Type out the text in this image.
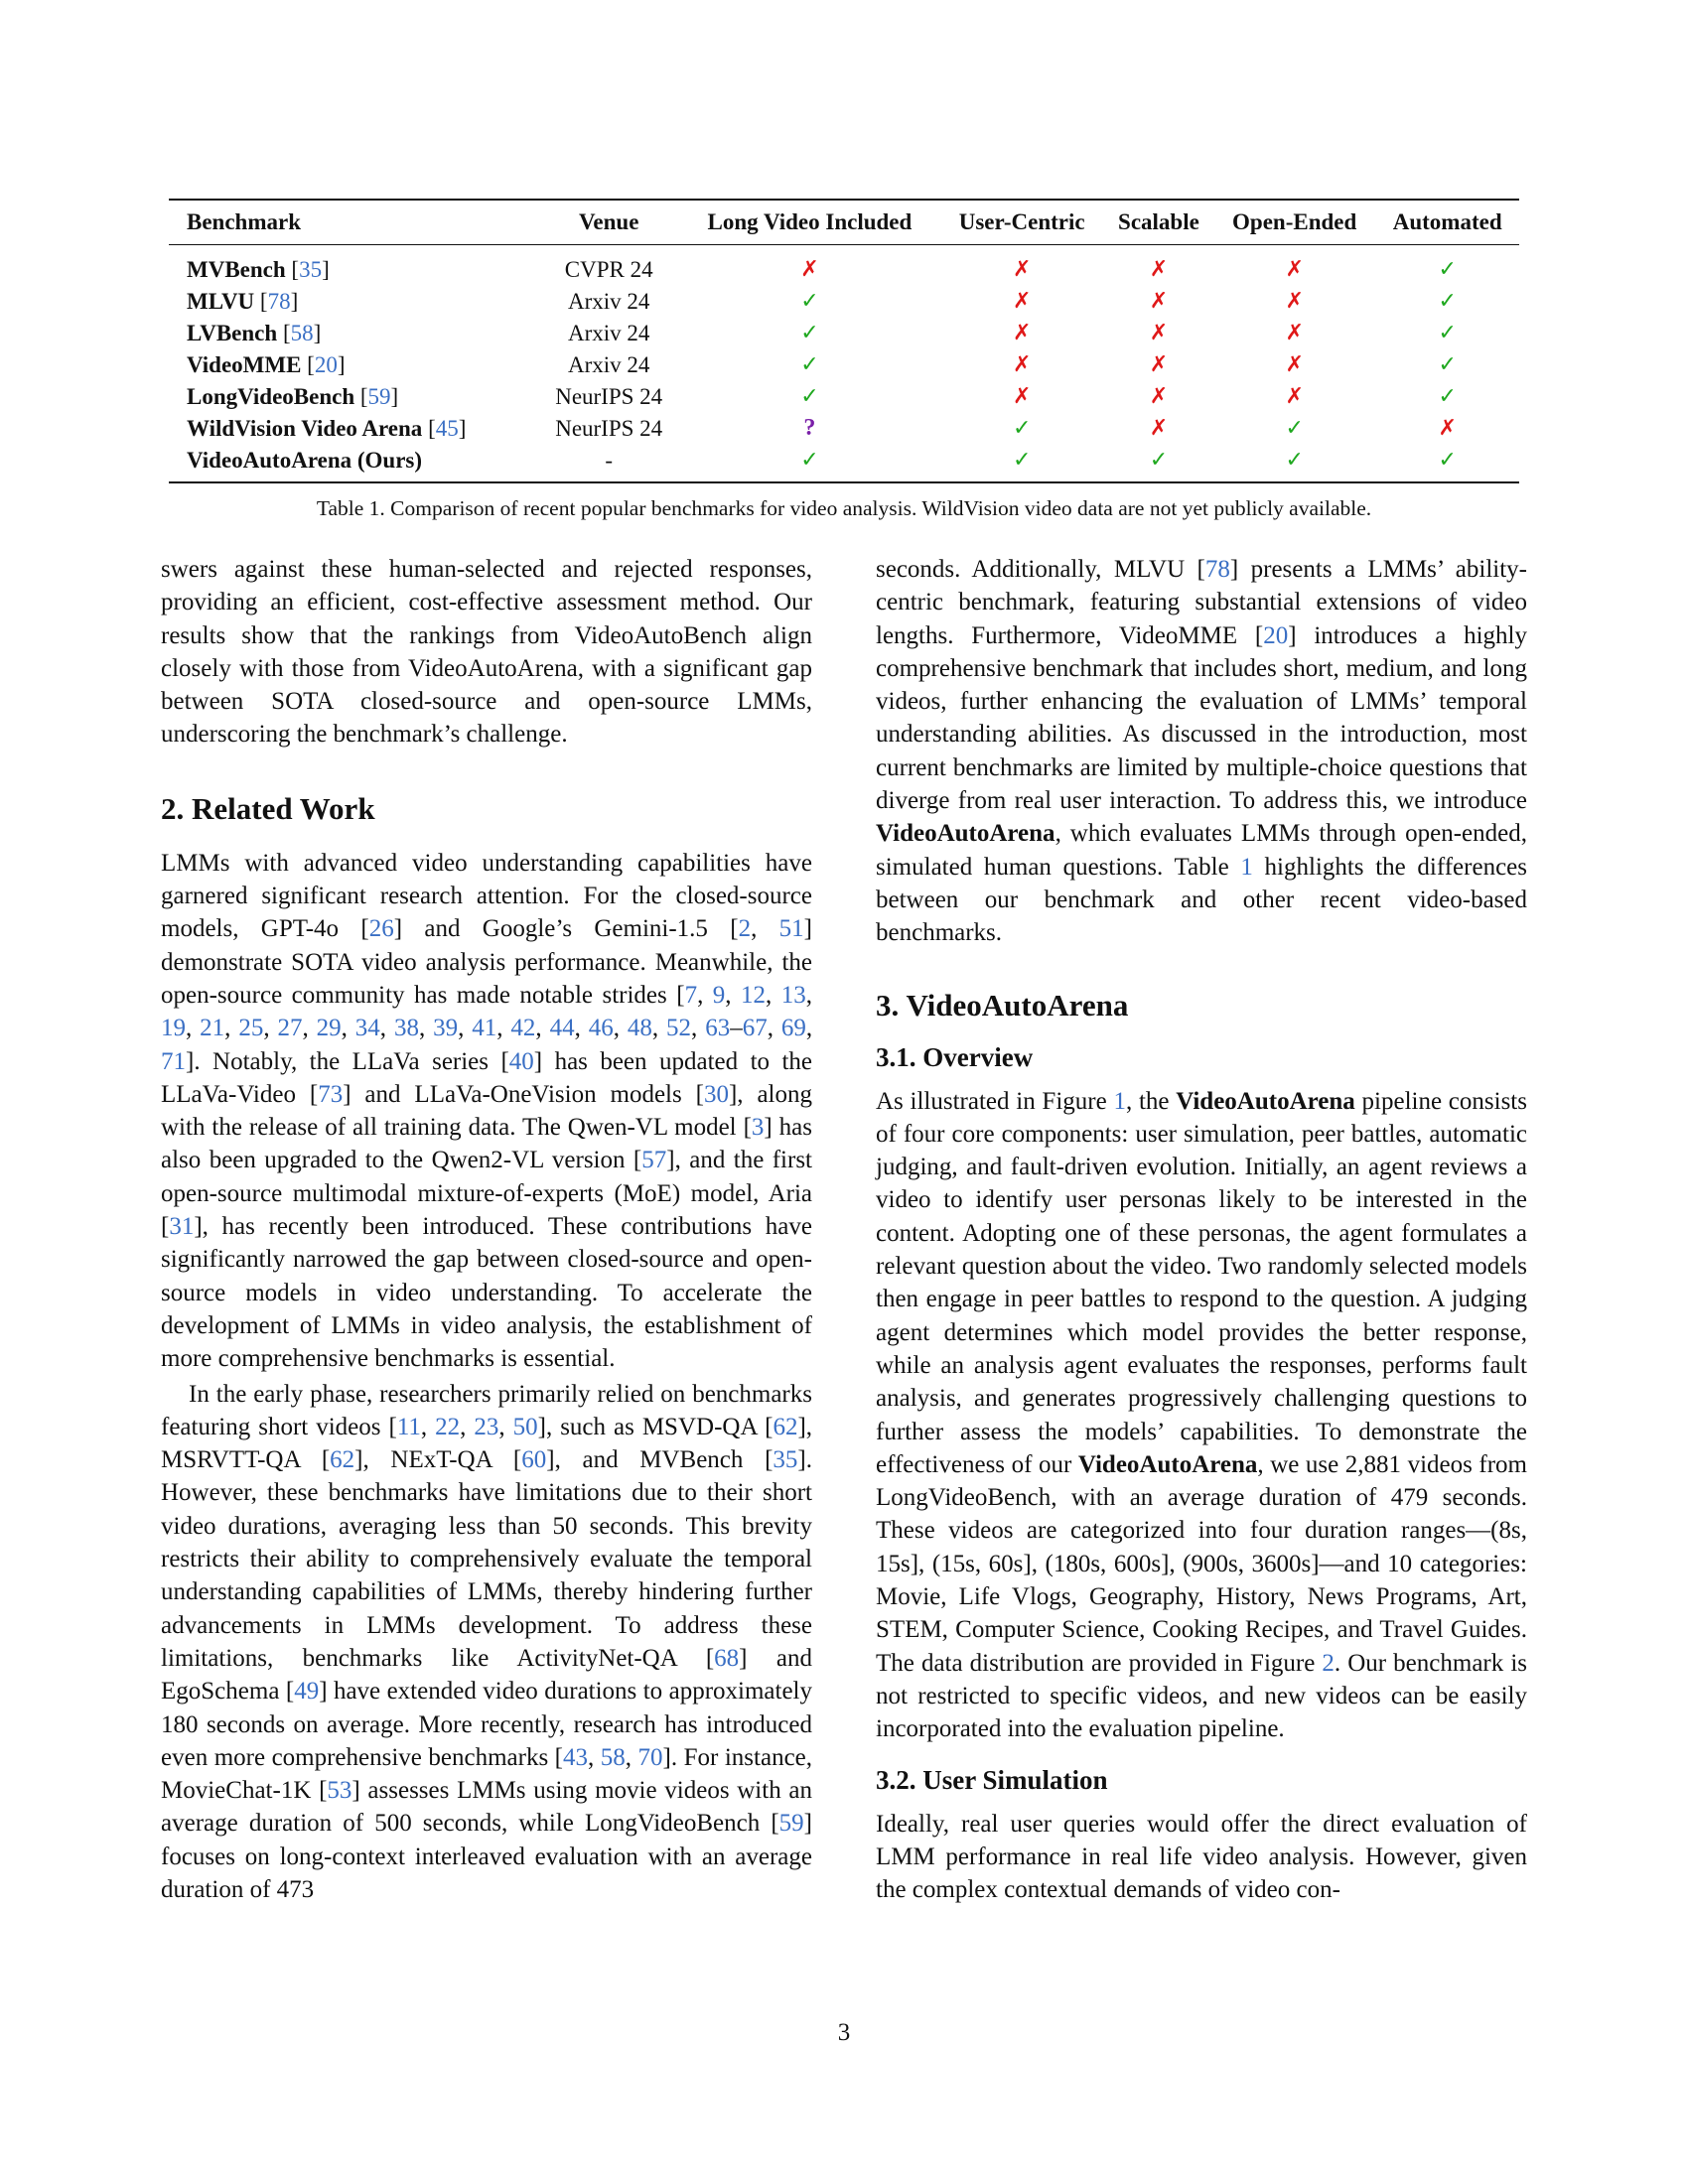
Benchmark	Venue	Long Video Included	User-Centric	Scalable	Open-Ended	Automated
MVBench [35]	CVPR 24	✗	✗	✗	✗	✓
MLVU [78]	Arxiv 24	✓	✗	✗	✗	✓
LVBench [58]	Arxiv 24	✓	✗	✗	✗	✓
VideoMME [20]	Arxiv 24	✓	✗	✗	✗	✓
LongVideoBench [59]	NeurIPS 24	✓	✗	✗	✗	✓
WildVision Video Arena [45]	NeurIPS 24	?	✓	✗	✓	✗
VideoAutoArena (Ours)	-	✓	✓	✓	✓	✓
Table 1. Comparison of recent popular benchmarks for video analysis. WildVision video data are not yet publicly available.

swers against these human-selected and rejected responses, providing an efficient, cost-effective assessment method. Our results show that the rankings from VideoAutoBench align closely with those from VideoAutoArena, with a significant gap between SOTA closed-source and open-source LMMs, underscoring the benchmark’s challenge.

2. Related Work

LMMs with advanced video understanding capabilities have garnered significant research attention. For the closed-source models, GPT-4o [26] and Google’s Gemini-1.5 [2, 51] demonstrate SOTA video analysis performance. Meanwhile, the open-source community has made notable strides [7, 9, 12, 13, 19, 21, 25, 27, 29, 34, 38, 39, 41, 42, 44, 46, 48, 52, 63–67, 69, 71]. Notably, the LLaVa series [40] has been updated to the LLaVa-Video [73] and LLaVa-OneVision models [30], along with the release of all training data. The Qwen-VL model [3] has also been upgraded to the Qwen2-VL version [57], and the first open-source multimodal mixture-of-experts (MoE) model, Aria [31], has recently been introduced. These contributions have significantly narrowed the gap between closed-source and open-source models in video understanding. To accelerate the development of LMMs in video analysis, the establishment of more comprehensive benchmarks is essential.

In the early phase, researchers primarily relied on benchmarks featuring short videos [11, 22, 23, 50], such as MSVD-QA [62], MSRVTT-QA [62], NExT-QA [60], and MVBench [35]. However, these benchmarks have limitations due to their short video durations, averaging less than 50 seconds. This brevity restricts their ability to comprehensively evaluate the temporal understanding capabilities of LMMs, thereby hindering further advancements in LMMs development. To address these limitations, benchmarks like ActivityNet-QA [68] and EgoSchema [49] have extended video durations to approximately 180 seconds on average. More recently, research has introduced even more comprehensive benchmarks [43, 58, 70]. For instance, MovieChat-1K [53] assesses LMMs using movie videos with an average duration of 500 seconds, while LongVideoBench [59] focuses on long-context interleaved evaluation with an average duration of 473

seconds. Additionally, MLVU [78] presents a LMMs’ ability-centric benchmark, featuring substantial extensions of video lengths. Furthermore, VideoMME [20] introduces a highly comprehensive benchmark that includes short, medium, and long videos, further enhancing the evaluation of LMMs’ temporal understanding abilities. As discussed in the introduction, most current benchmarks are limited by multiple-choice questions that diverge from real user interaction. To address this, we introduce VideoAutoArena, which evaluates LMMs through open-ended, simulated human questions. Table 1 highlights the differences between our benchmark and other recent video-based benchmarks.

3. VideoAutoArena
3.1. Overview

As illustrated in Figure 1, the VideoAutoArena pipeline consists of four core components: user simulation, peer battles, automatic judging, and fault-driven evolution. Initially, an agent reviews a video to identify user personas likely to be interested in the content. Adopting one of these personas, the agent formulates a relevant question about the video. Two randomly selected models then engage in peer battles to respond to the question. A judging agent determines which model provides the better response, while an analysis agent evaluates the responses, performs fault analysis, and generates progressively challenging questions to further assess the models’ capabilities. To demonstrate the effectiveness of our VideoAutoArena, we use 2,881 videos from LongVideoBench, with an average duration of 479 seconds. These videos are categorized into four duration ranges—(8s, 15s], (15s, 60s], (180s, 600s], (900s, 3600s]—and 10 categories: Movie, Life Vlogs, Geography, History, News Programs, Art, STEM, Computer Science, Cooking Recipes, and Travel Guides. The data distribution are provided in Figure 2. Our benchmark is not restricted to specific videos, and new videos can be easily incorporated into the evaluation pipeline.

3.2. User Simulation

Ideally, real user queries would offer the direct evaluation of LMM performance in real life video analysis. However, given the complex contextual demands of video con-

3
